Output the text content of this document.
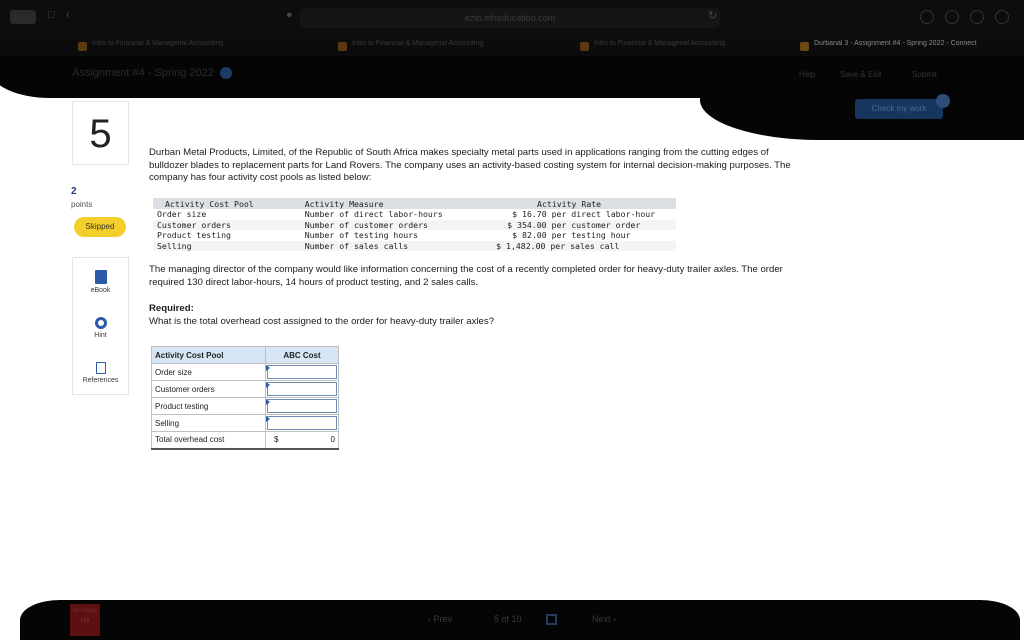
□	‹	●	ezto.mheducation.com	↻
Intro to Financial & Managerial Accounting	Intro to Financial & Managerial Accounting	Intro to Financial & Managerial Accounting	Durbanal 3 - Assignment #4 - Spring 2022 - Connect
Assignment #4 - Spring 2022	Help	Save & Exit	Submit
Check my work
5
2
points
Skipped
eBook
Hint
References
Durban Metal Products, Limited, of the Republic of South Africa makes specialty metal parts used in applications ranging from the cutting edges of bulldozer blades to replacement parts for Land Rovers. The company uses an activity-based costing system for internal decision-making purposes. The company has four activity cost pools as listed below:
Activity Cost Pool	Activity Measure	Activity Rate
Order size	Number of direct labor-hours	$ 16.70 per direct labor-hour
Customer orders	Number of customer orders	$ 354.00 per customer order
Product testing	Number of testing hours	$ 82.00 per testing hour
Selling	Number of sales calls	$ 1,482.00 per sales call
The managing director of the company would like information concerning the cost of a recently completed order for heavy-duty trailer axles. The order required 130 direct labor-hours, 14 hours of product testing, and 2 sales calls.
Required:
What is the total overhead cost assigned to the order for heavy-duty trailer axles?
Activity Cost Pool	ABC Cost
Order size	

Customer orders	

Product testing	

Selling	

Total overhead cost	$ 0
Mc Graw Hill	‹ Prev	5 of 10	Next ›
